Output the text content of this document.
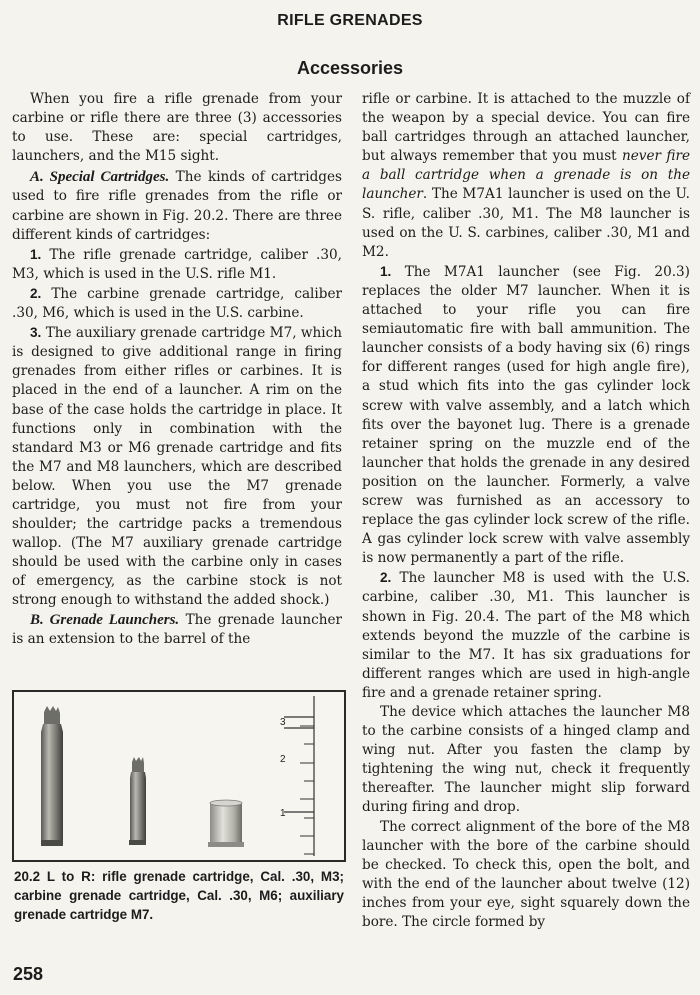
RIFLE GRENADES
Accessories

When you fire a rifle grenade from your carbine or rifle there are three (3) accessories to use. These are: special cartridges, launchers, and the M15 sight.

A. Special Cartridges. The kinds of cartridges used to fire rifle grenades from the rifle or carbine are shown in Fig. 20.2. There are three different kinds of cartridges:

1. The rifle grenade cartridge, caliber .30, M3, which is used in the U.S. rifle M1.

2. The carbine grenade cartridge, caliber .30, M6, which is used in the U.S. carbine.

3. The auxiliary grenade cartridge M7, which is designed to give additional range in firing grenades from either rifles or carbines. It is placed in the end of a launcher. A rim on the base of the case holds the cartridge in place. It functions only in combination with the standard M3 or M6 grenade cartridge and fits the M7 and M8 launchers, which are described below. When you use the M7 grenade cartridge, you must not fire from your shoulder; the cartridge packs a tremendous wallop. (The M7 auxiliary grenade cartridge should be used with the carbine only in cases of emergency, as the carbine stock is not strong enough to withstand the added shock.)

B. Grenade Launchers. The grenade launcher is an extension to the barrel of the

rifle or carbine. It is attached to the muzzle of the weapon by a special device. You can fire ball cartridges through an attached launcher, but always remember that you must never fire a ball cartridge when a grenade is on the launcher. The M7A1 launcher is used on the U. S. rifle, caliber .30, M1. The M8 launcher is used on the U. S. carbines, caliber .30, M1 and M2.

1. The M7A1 launcher (see Fig. 20.3) replaces the older M7 launcher. When it is attached to your rifle you can fire semiautomatic fire with ball ammunition. The launcher consists of a body having six (6) rings for different ranges (used for high angle fire), a stud which fits into the gas cylinder lock screw with valve assembly, and a latch which fits over the bayonet lug. There is a grenade retainer spring on the muzzle end of the launcher that holds the grenade in any desired position on the launcher. Formerly, a valve screw was furnished as an accessory to replace the gas cylinder lock screw of the rifle. A gas cylinder lock screw with valve assembly is now permanently a part of the rifle.

2. The launcher M8 is used with the U.S. carbine, caliber .30, M1. This launcher is shown in Fig. 20.4. The part of the M8 which extends beyond the muzzle of the carbine is similar to the M7. It has six graduations for different ranges which are used in high-angle fire and a grenade retainer spring.

The device which attaches the launcher M8 to the carbine consists of a hinged clamp and wing nut. After you fasten the clamp by tightening the wing nut, check it frequently thereafter. The launcher might slip forward during firing and drop.

The correct alignment of the bore of the M8 launcher with the bore of the carbine should be checked. To check this, open the bolt, and with the end of the launcher about twelve (12) inches from your eye, sight squarely down the bore. The circle formed by

3
2
1
20.2 L to R: rifle grenade cartridge, Cal. .30, M3; carbine grenade cartridge, Cal. .30, M6; auxiliary grenade cartridge M7.
258
